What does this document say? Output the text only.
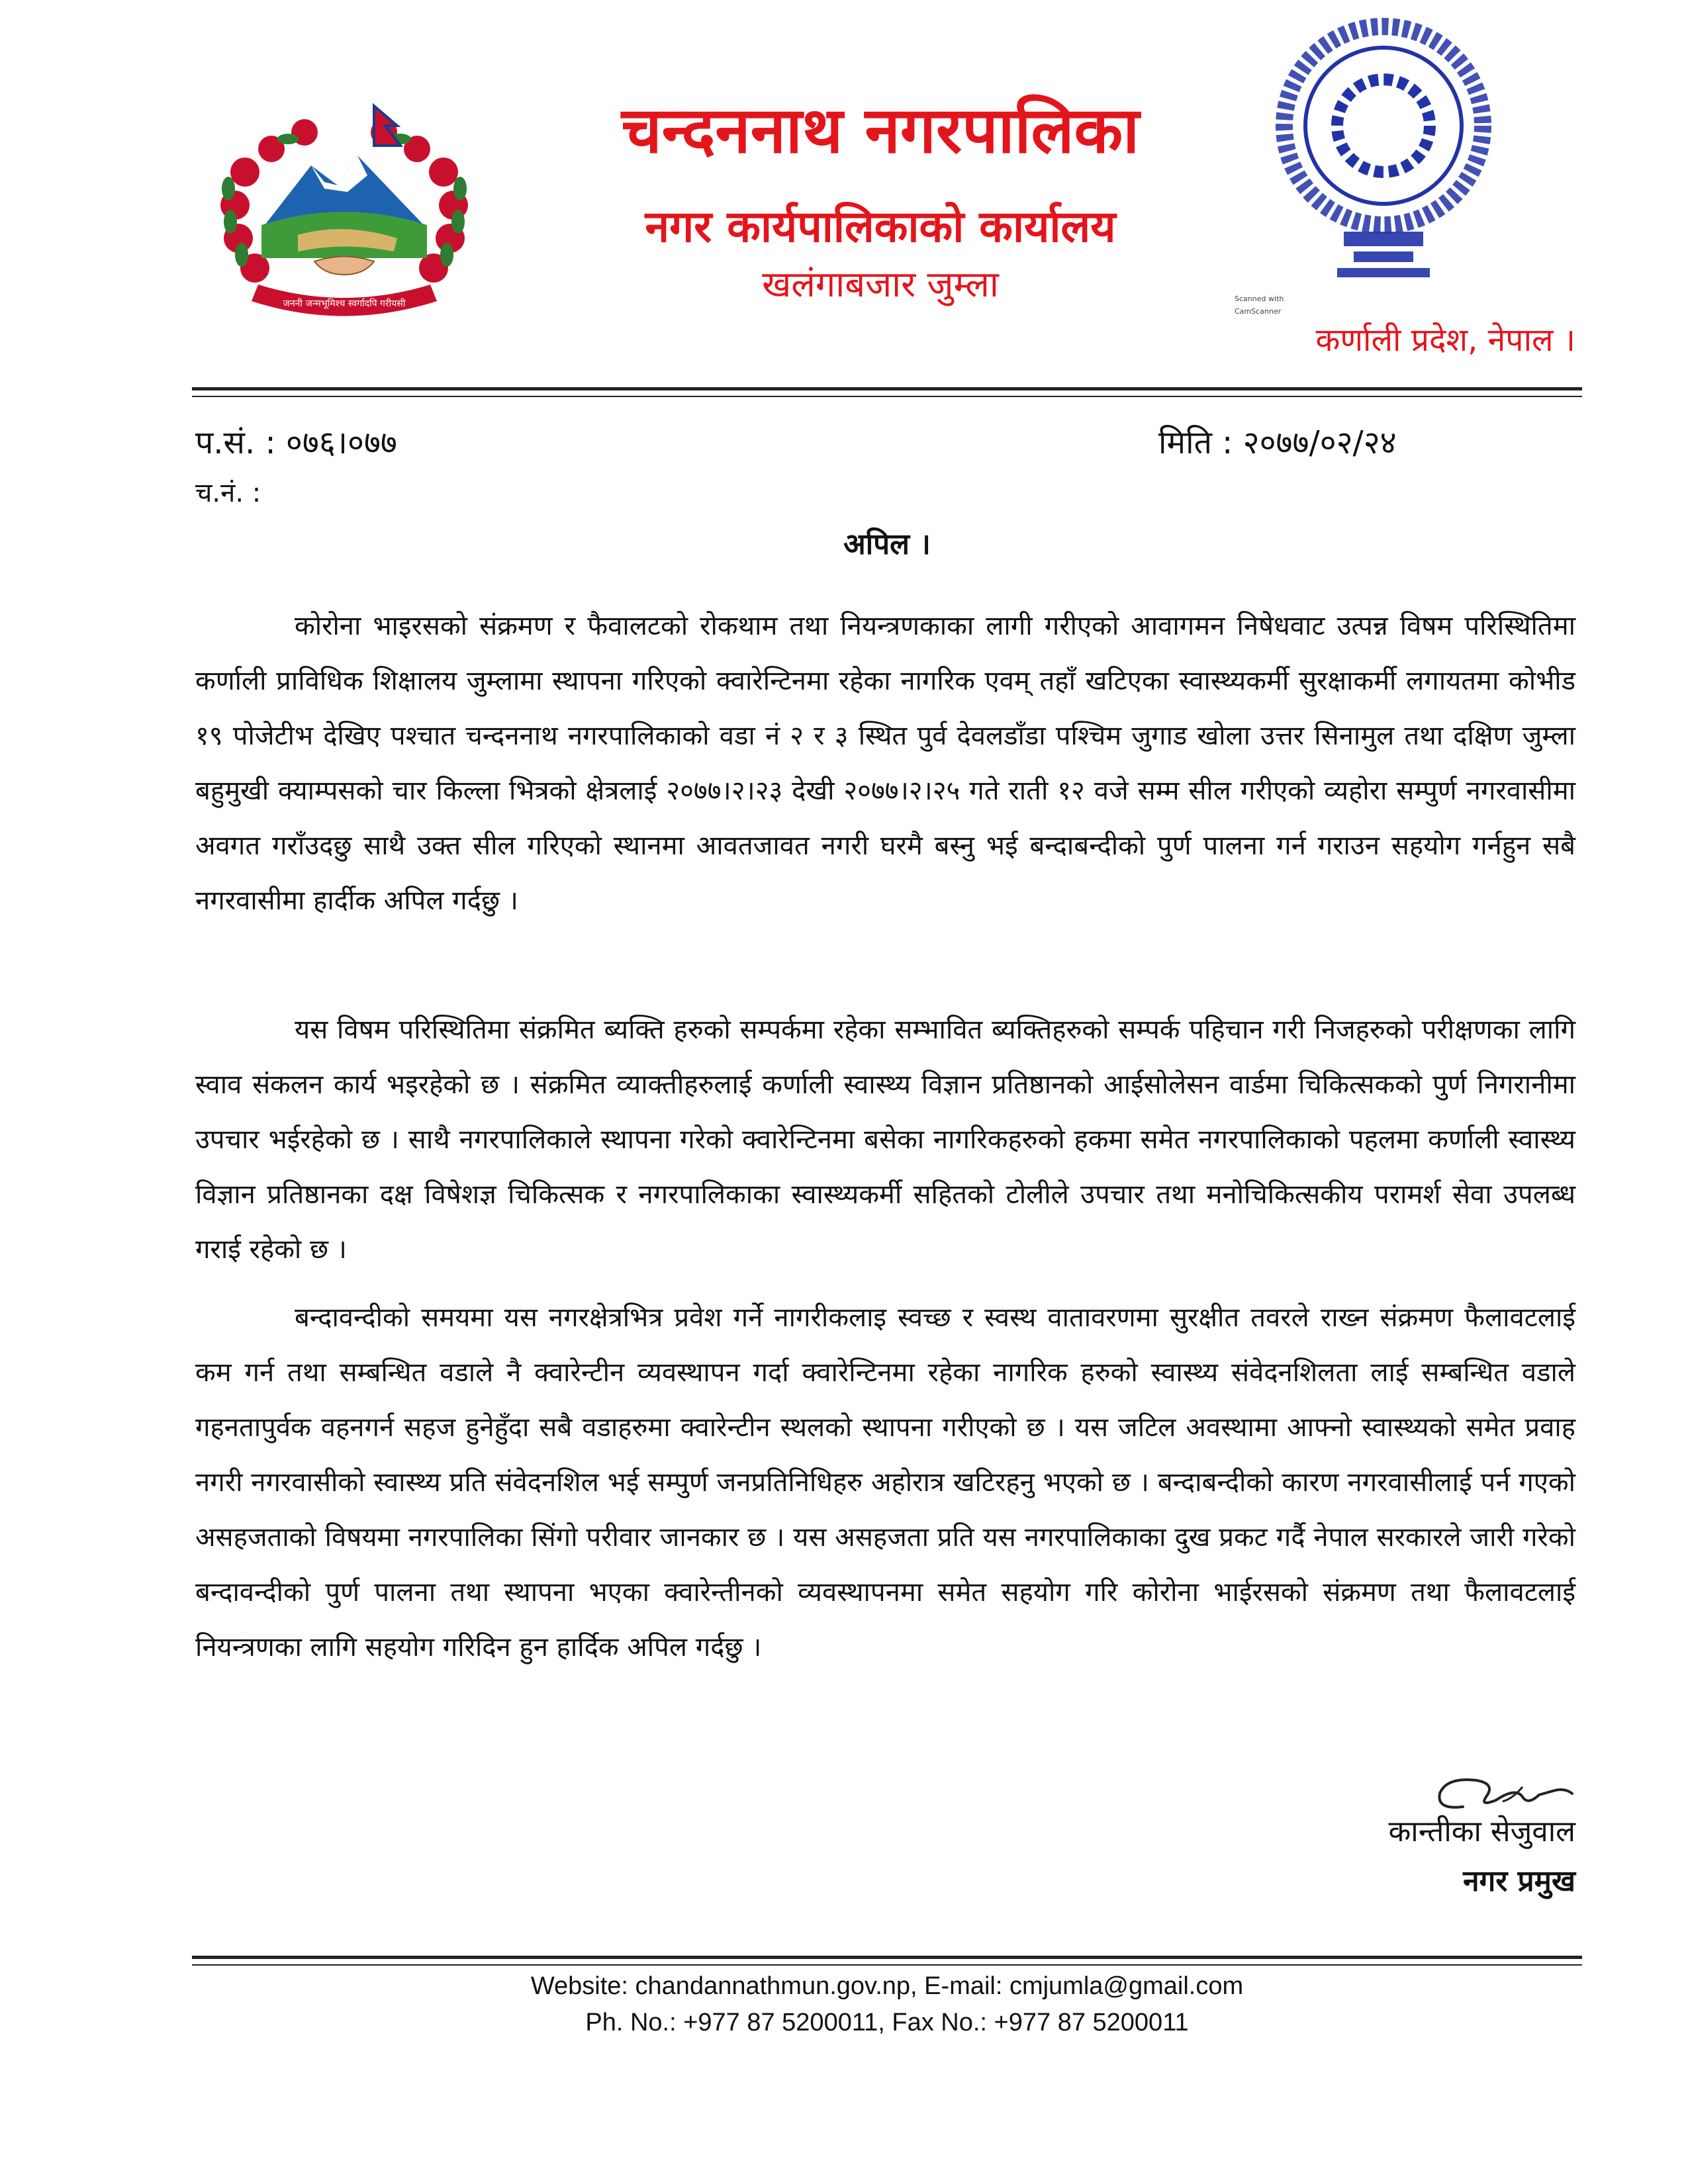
जननी जन्मभूमिश्च स्वर्गादपि गरीयसी
चन्दननाथ नगरपालिका
नगर कार्यपालिकाको कार्यालय
खलंगाबजार जुम्ला	Scanned with CamScanner
कर्णाली प्रदेश, नेपाल ।
प.सं. : ०७६।०७७	मिति : २०७७/०२/२४
च.नं. :
अपिल ।
कोरोना भाइरसको संक्रमण र फैवालटको रोकथाम तथा नियन्त्रणकाका लागी गरीएको आवागमन निषेधवाट उत्पन्न विषम परिस्थितिमा कर्णाली प्राविधिक शिक्षालय जुम्लामा स्थापना गरिएको क्वारेन्टिनमा रहेका नागरिक एवम् तहाँ खटिएका स्वास्थ्यकर्मी सुरक्षाकर्मी लगायतमा कोभीड १९ पोजेटीभ देखिए पश्चात चन्दननाथ नगरपालिकाको वडा नं २ र ३ स्थित पुर्व देवलडाँडा पश्चिम जुगाड खोला उत्तर सिनामुल तथा दक्षिण जुम्ला बहुमुखी क्याम्पसको चार किल्ला भित्रको क्षेत्रलाई २०७७।२।२३ देखी २०७७।२।२५ गते राती १२ वजे सम्म सील गरीएको व्यहोरा सम्पुर्ण नगरवासीमा अवगत गराँउदछु साथै उक्त सील गरिएको स्थानमा आवतजावत नगरी घरमै बस्नु भई बन्दाबन्दीको पुर्ण पालना गर्न गराउन सहयोग गर्नहुन सबै नगरवासीमा हार्दीक अपिल गर्दछु ।
यस विषम परिस्थितिमा संक्रमित ब्यक्ति हरुको सम्पर्कमा रहेका सम्भावित ब्यक्तिहरुको सम्पर्क पहिचान गरी निजहरुको परीक्षणका लागि स्वाव संकलन कार्य भइरहेको छ । संक्रमित व्याक्तीहरुलाई कर्णाली स्वास्थ्य विज्ञान प्रतिष्ठानको आईसोलेसन वार्डमा चिकित्सकको पुर्ण निगरानीमा उपचार भईरहेको छ । साथै नगरपालिकाले स्थापना गरेको क्वारेन्टिनमा बसेका नागरिकहरुको हकमा समेत नगरपालिकाको पहलमा कर्णाली स्वास्थ्य विज्ञान प्रतिष्ठानका दक्ष विषेशज्ञ चिकित्सक र नगरपालिकाका स्वास्थ्यकर्मी सहितको टोलीले उपचार तथा मनोचिकित्सकीय परामर्श सेवा उपलब्ध गराई रहेको छ ।
बन्दावन्दीको समयमा यस नगरक्षेत्रभित्र प्रवेश गर्ने नागरीकलाइ स्वच्छ र स्वस्थ वातावरणमा सुरक्षीत तवरले राख्न संक्रमण फैलावटलाई कम गर्न तथा सम्बन्धित वडाले नै क्वारेन्टीन व्यवस्थापन गर्दा क्वारेन्टिनमा रहेका नागरिक हरुको स्वास्थ्य संवेदनशिलता लाई सम्बन्धित वडाले गहनतापुर्वक वहनगर्न सहज हुनेहुँदा सबै वडाहरुमा क्वारेन्टीन स्थलको स्थापना गरीएको छ । यस जटिल अवस्थामा आफ्नो स्वास्थ्यको समेत प्रवाह नगरी नगरवासीको स्वास्थ्य प्रति संवेदनशिल भई सम्पुर्ण जनप्रतिनिधिहरु अहोरात्र खटिरहनु भएको छ । बन्दाबन्दीको कारण नगरवासीलाई पर्न गएको असहजताको विषयमा नगरपालिका सिंगो परीवार जानकार छ । यस असहजता प्रति यस नगरपालिकाका दुख प्रकट गर्दै नेपाल सरकारले जारी गरेको बन्दावन्दीको पुर्ण पालना तथा स्थापना भएका क्वारेन्तीनको व्यवस्थापनमा समेत सहयोग गरि कोरोना भाईरसको संक्रमण तथा फैलावटलाई नियन्त्रणका लागि सहयोग गरिदिन हुन हार्दिक अपिल गर्दछु ।
कान्तीका सेजुवाल
नगर प्रमुख
Website: chandannathmun.gov.np, E-mail: cmjumla@gmail.com
Ph. No.: +977 87 5200011, Fax No.: +977 87 5200011
